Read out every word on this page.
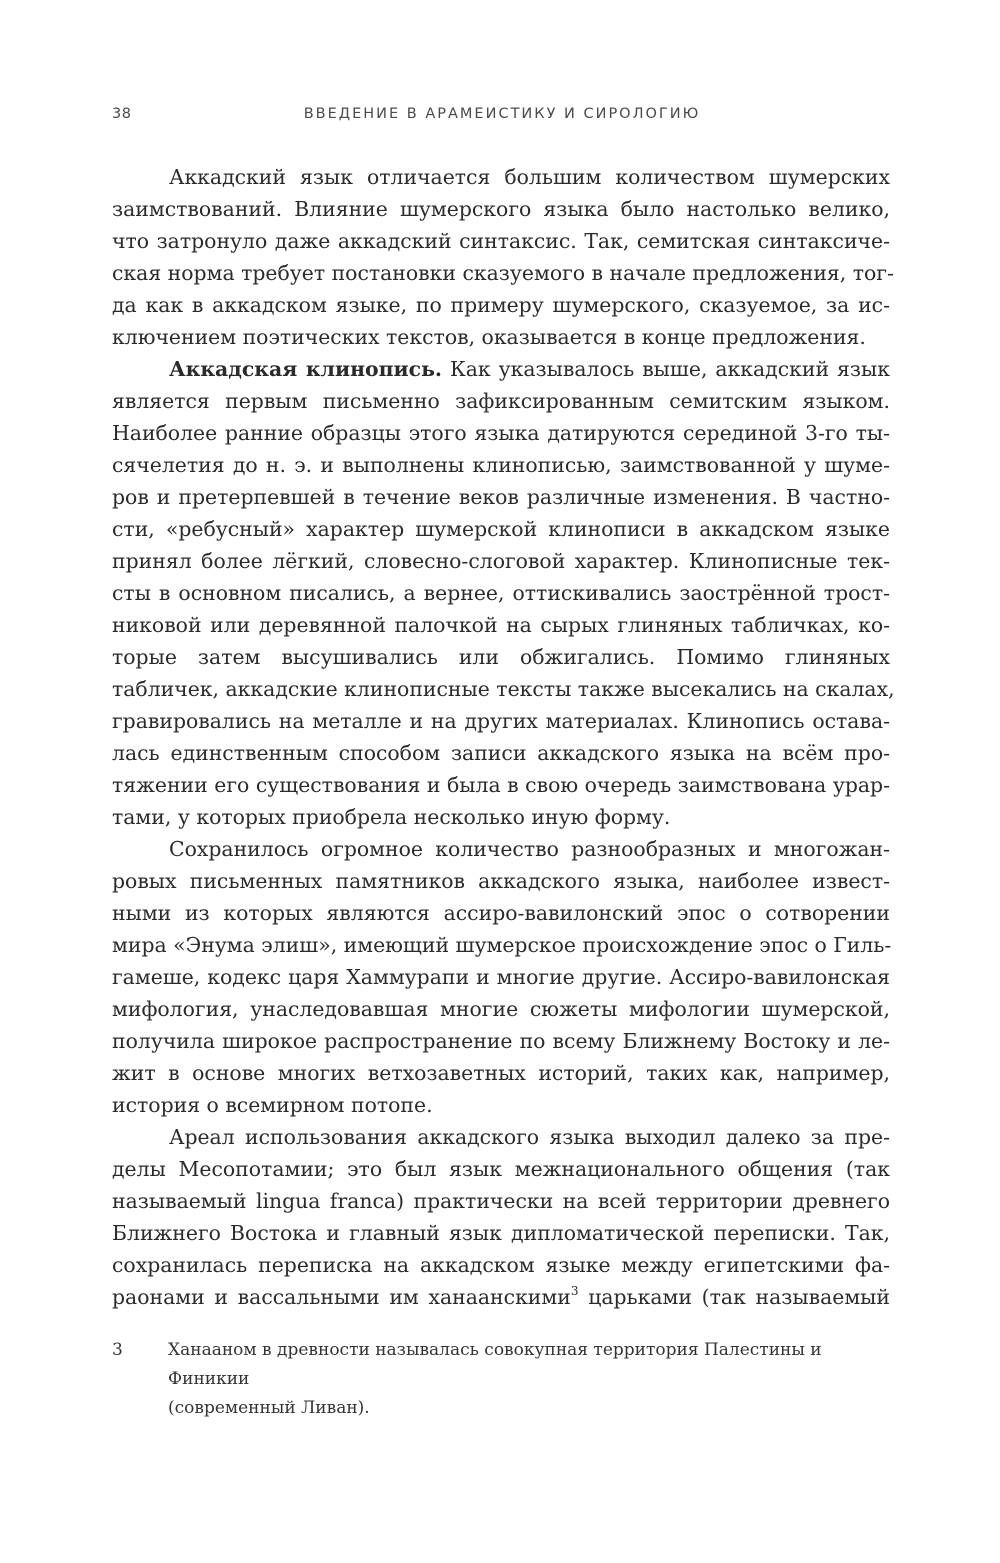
38	ВВЕДЕНИЕ В АРАМЕИСТИКУ И СИРОЛОГИЮ
Аккадский язык отличается большим количеством шумерских
заимствований. Влияние шумерского языка было настолько велико,
что затронуло даже аккадский синтаксис. Так, семитская синтаксиче-
ская норма требует постановки сказуемого в начале предложения, тог-
да как в аккадском языке, по примеру шумерского, сказуемое, за ис-
ключением поэтических текстов, оказывается в конце предложения.
Аккадская клинопись. Как указывалось выше, аккадский язык
является первым письменно зафиксированным семитским языком.
Наиболее ранние образцы этого языка датируются серединой 3-го ты-
сячелетия до н. э. и выполнены клинописью, заимствованной у шуме-
ров и претерпевшей в течение веков различные изменения. В частно-
сти, «ребусный» характер шумерской клинописи в аккадском языке
принял более лёгкий, словесно-слоговой характер. Клинописные тек-
сты в основном писались, а вернее, оттискивались заострённой трост-
никовой или деревянной палочкой на сырых глиняных табличках, ко-
торые затем высушивались или обжигались. Помимо глиняных
табличек, аккадские клинописные тексты также высекались на скалах,
гравировались на металле и на других материалах. Клинопись остава-
лась единственным способом записи аккадского языка на всём про-
тяжении его существования и была в свою очередь заимствована урар-
тами, у которых приобрела несколько иную форму.
Сохранилось огромное количество разнообразных и многожан-
ровых письменных памятников аккадского языка, наиболее извест-
ными из которых являются ассиро-вавилонский эпос о сотворении
мира «Энума элиш», имеющий шумерское происхождение эпос о Гиль-
гамеше, кодекс царя Хаммурапи и многие другие. Ассиро-вавилонская
мифология, унаследовавшая многие сюжеты мифологии шумерской,
получила широкое распространение по всему Ближнему Востоку и ле-
жит в основе многих ветхозаветных историй, таких как, например,
история о всемирном потопе.
Ареал использования аккадского языка выходил далеко за пре-
делы Месопотамии; это был язык межнационального общения (так
называемый lingua franca) практически на всей территории древнего
Ближнего Востока и главный язык дипломатической переписки. Так,
сохранилась переписка на аккадском языке между египетскими фа-
раонами и вассальными им ханаанскими$^3$ царьками (так называемый
3	Ханааном в древности называлась совокупная территория Палестины и Финикии
(современный Ливан).
